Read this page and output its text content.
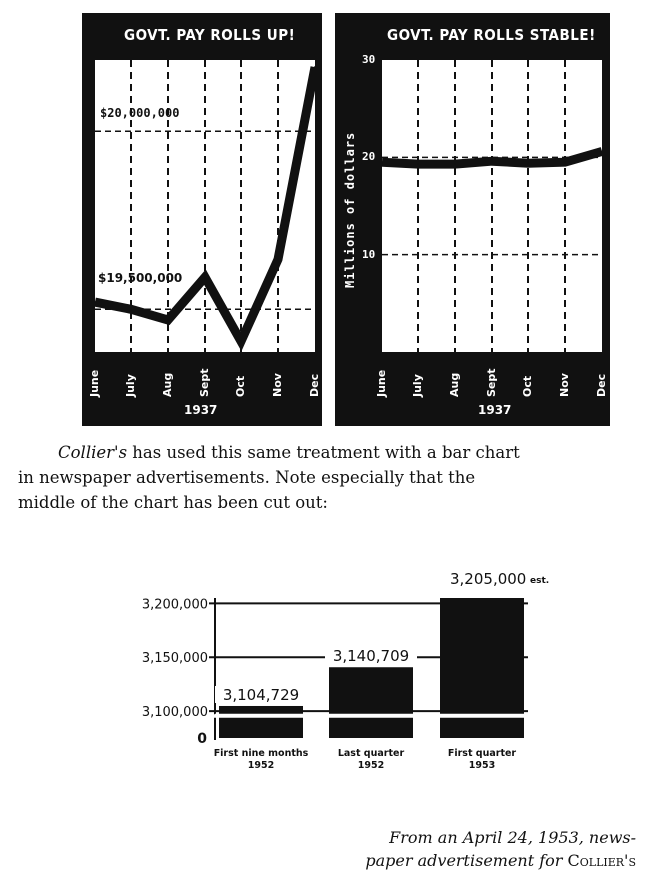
GOVT. PAY ROLLS UP!
$20,000,000
$19,500,000
1937
June July Aug Sept Oct Nov Dec
GOVT. PAY ROLLS STABLE!
Millions of dollars
1937
June July Aug Sept Oct Nov Dec
10
20
30

Collier's has used this same treatment with a bar chart

in newspaper advertisements. Note especially that the

middle of the chart has been cut out:

0
3,100,000
3,150,000
3,200,000
3,104,729
3,140,709
3,205,000 est.
First nine months 1952
Last quarter 1952
First quarter 1953
From an April 24, 1953, news-
paper advertisement for Collier's
